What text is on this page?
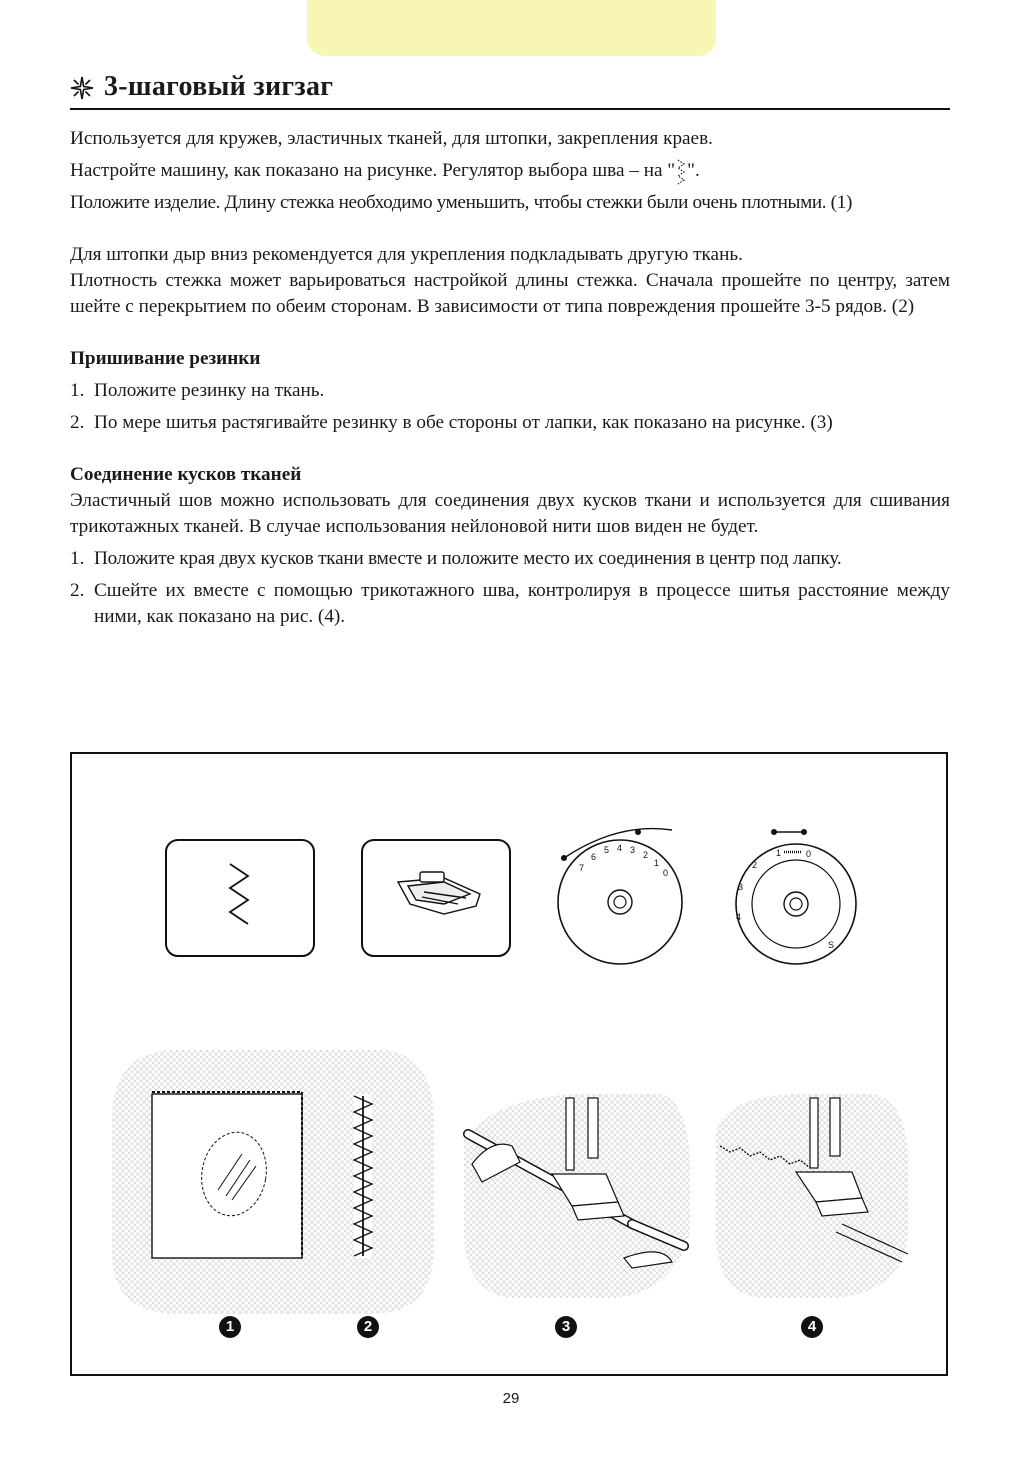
3-шаговый зигзаг

Используется для кружев, эластичных тканей, для штопки, закрепления краев.

Настройте машину, как показано на рисунке. Регулятор выбора шва – на " ".

Положите изделие. Длину стежка необходимо уменьшить, чтобы стежки были очень плотными. (1)

Для штопки дыр вниз рекомендуется для укрепления подкладывать другую ткань.

Плотность стежка может варьироваться настройкой длины стежка. Сначала прошейте по центру, затем шейте с перекрытием по обеим сторонам. В зависимости от типа повреждения прошейте 3-5 рядов. (2)

Пришивание резинки

1. Положите резинку на ткань.
2. По мере шитья растягивайте резинку в обе стороны от лапки, как показано на рисунке. (3)

Соединение кусков тканей

Эластичный шов можно использовать для соединения двух кусков ткани и используется для сшивания трикотажных тканей. В случае использования нейлоновой нити шов виден не будет.

1. Положите края двух кусков ткани вместе и положите место их соединения в центр под лапку.
2. Сшейте их вместе с помощью трикотажного шва, контролируя в процессе шитья расстояние между ними, как показано на рис. (4).
7
6
5 4 3 2
1
0
1	0
2
3
4
S
1	2	3	4
29
